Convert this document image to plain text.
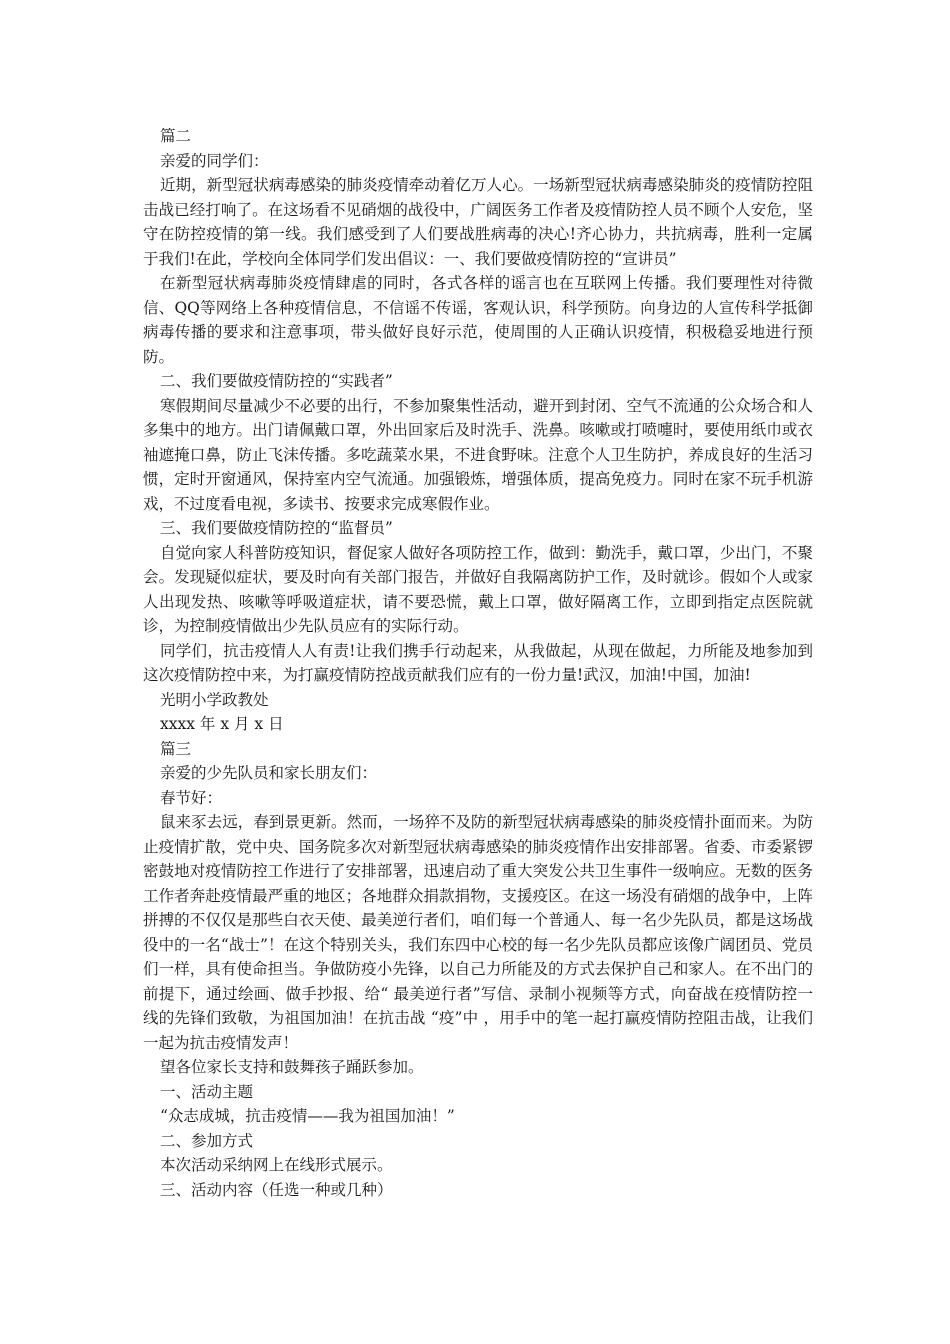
篇二
亲爱的同学们：
近期，新型冠状病毒感染的肺炎疫情牵动着亿万人心。一场新型冠状病毒感染肺炎的疫情防控阻击战已经打响了。在这场看不见硝烟的战役中，广阔医务工作者及疫情防控人员不顾个人安危，坚守在防控疫情的第一线。我们感受到了人们要战胜病毒的决心!齐心协力，共抗病毒，胜利一定属于我们!在此，学校向全体同学们发出倡议：一、我们要做疫情防控的“宣讲员”
在新型冠状病毒肺炎疫情肆虐的同时，各式各样的谣言也在互联网上传播。我们要理性对待微信、QQ等网络上各种疫情信息，不信谣不传谣，客观认识，科学预防。向身边的人宣传科学抵御病毒传播的要求和注意事项，带头做好良好示范，使周围的人正确认识疫情，积极稳妥地进行预防。
二、我们要做疫情防控的“实践者”
寒假期间尽量减少不必要的出行，不参加聚集性活动，避开到封闭、空气不流通的公众场合和人多集中的地方。出门请佩戴口罩，外出回家后及时洗手、洗鼻。咳嗽或打喷嚏时，要使用纸巾或衣袖遮掩口鼻，防止飞沫传播。多吃蔬菜水果，不进食野味。注意个人卫生防护，养成良好的生活习惯，定时开窗通风，保持室内空气流通。加强锻炼，增强体质，提高免疫力。同时在家不玩手机游戏，不过度看电视，多读书、按要求完成寒假作业。
三、我们要做疫情防控的“监督员”
自觉向家人科普防疫知识，督促家人做好各项防控工作，做到：勤洗手，戴口罩，少出门，不聚会。发现疑似症状，要及时向有关部门报告，并做好自我隔离防护工作，及时就诊。假如个人或家人出现发热、咳嗽等呼吸道症状，请不要恐慌，戴上口罩，做好隔离工作，立即到指定点医院就诊，为控制疫情做出少先队员应有的实际行动。
同学们，抗击疫情人人有责!让我们携手行动起来，从我做起，从现在做起，力所能及地参加到这次疫情防控中来，为打赢疫情防控战贡献我们应有的一份力量!武汉，加油!中国，加油!
光明小学政教处
xxxx 年 x 月 x 日
篇三
亲爱的少先队员和家长朋友们：
春节好：
鼠来豕去远，春到景更新。然而，一场猝不及防的新型冠状病毒感染的肺炎疫情扑面而来。为防止疫情扩散，党中央、国务院多次对新型冠状病毒感染的肺炎疫情作出安排部署。省委、市委紧锣密鼓地对疫情防控工作进行了安排部署，迅速启动了重大突发公共卫生事件一级响应。无数的医务工作者奔赴疫情最严重的地区；各地群众捐款捐物，支援疫区。在这一场没有硝烟的战争中，上阵拼搏的不仅仅是那些白衣天使、最美逆行者们，咱们每一个普通人、每一名少先队员，都是这场战役中的一名“战士”！在这个特别关头，我们东四中心校的每一名少先队员都应该像广阔团员、党员们一样，具有使命担当。争做防疫小先锋，以自己力所能及的方式去保护自己和家人。在不出门的前提下，通过绘画、做手抄报、给“ 最美逆行者”写信、录制小视频等方式，向奋战在疫情防控一线的先锋们致敬，为祖国加油！在抗击战 “疫”中 ，用手中的笔一起打赢疫情防控阻击战，让我们一起为抗击疫情发声！
望各位家长支持和鼓舞孩子踊跃参加。
一、活动主题
“众志成城，抗击疫情——我为祖国加油！”
二、参加方式
本次活动采纳网上在线形式展示。
三、活动内容（任选一种或几种）
